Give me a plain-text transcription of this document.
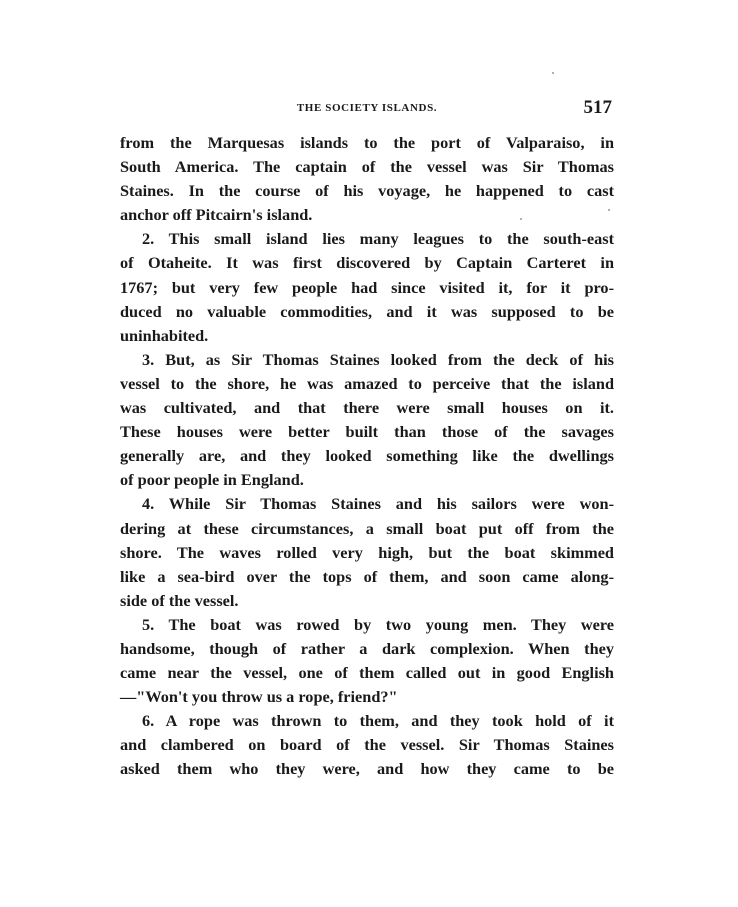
THE SOCIETY ISLANDS.	517
from the Marquesas islands to the port of Valparaiso, in
South America. The captain of the vessel was Sir Thomas
Staines. In the course of his voyage, he happened to cast
anchor off Pitcairn's island.
2. This small island lies many leagues to the south-east
of Otaheite. It was first discovered by Captain Carteret in
1767; but very few people had since visited it, for it pro-
duced no valuable commodities, and it was supposed to be
uninhabited.
3. But, as Sir Thomas Staines looked from the deck of his
vessel to the shore, he was amazed to perceive that the island
was cultivated, and that there were small houses on it.
These houses were better built than those of the savages
generally are, and they looked something like the dwellings
of poor people in England.
4. While Sir Thomas Staines and his sailors were won-
dering at these circumstances, a small boat put off from the
shore. The waves rolled very high, but the boat skimmed
like a sea-bird over the tops of them, and soon came along-
side of the vessel.
5. The boat was rowed by two young men. They were
handsome, though of rather a dark complexion. When they
came near the vessel, one of them called out in good English
—"Won't you throw us a rope, friend?"
6. A rope was thrown to them, and they took hold of it
and clambered on board of the vessel. Sir Thomas Staines
asked them who they were, and how they came to be
